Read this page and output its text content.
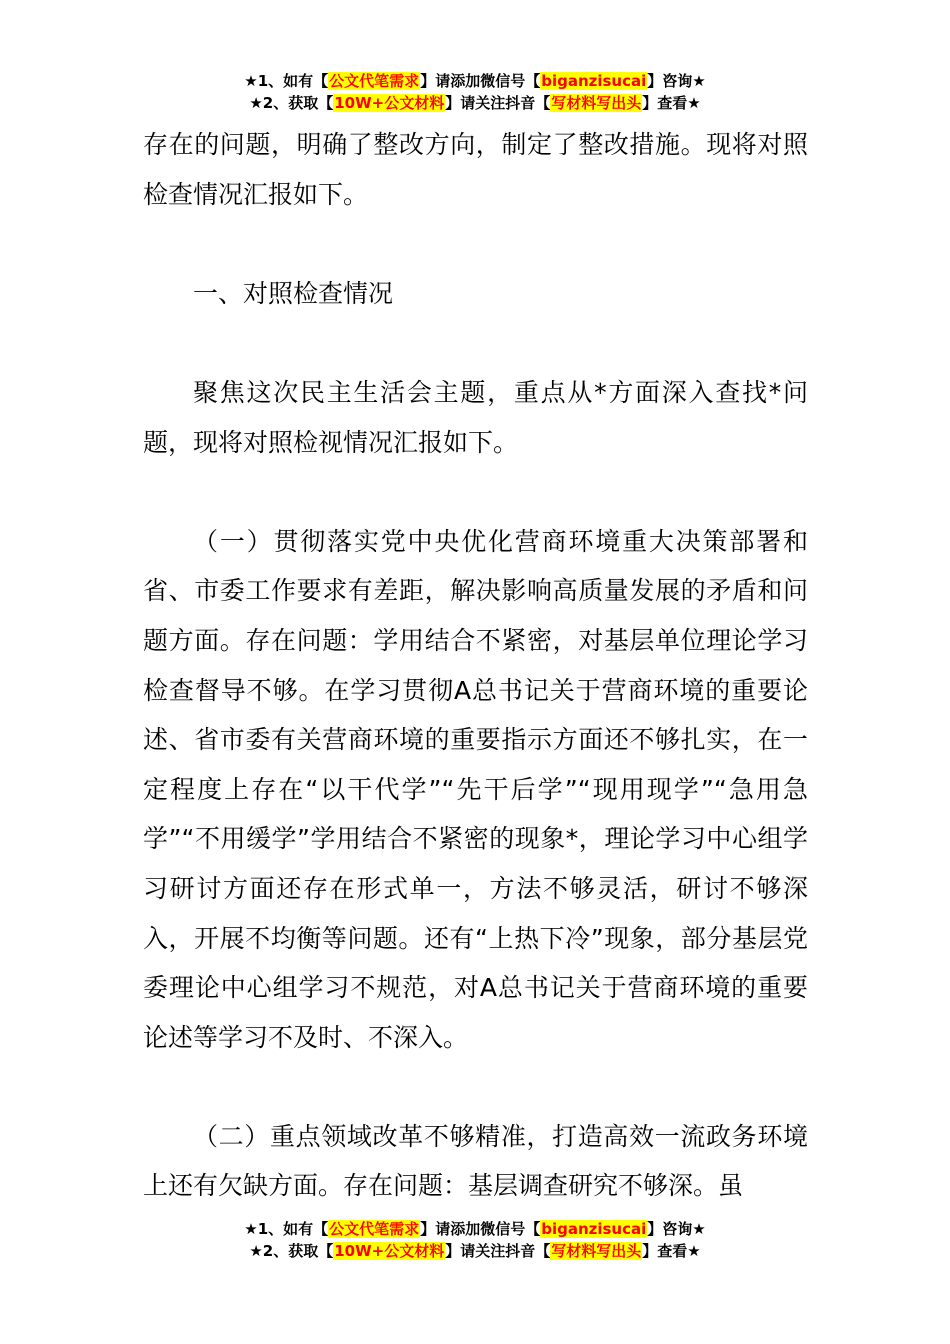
★1、如有【公文代笔需求】请添加微信号【biganzisucai】咨询★
★2、获取【10W+公文材料】请关注抖音【写材料写出头】查看★

存在的问题，明确了整改方向，制定了整改措施。现将对照检查情况汇报如下。

一、对照检查情况

聚焦这次民主生活会主题，重点从*方面深入查找*问题，现将对照检视情况汇报如下。

（一）贯彻落实党中央优化营商环境重大决策部署和省、市委工作要求有差距，解决影响高质量发展的矛盾和问题方面。存在问题：学用结合不紧密，对基层单位理论学习检查督导不够。在学习贯彻A总书记关于营商环境的重要论述、省市委有关营商环境的重要指示方面还不够扎实，在一定程度上存在“以干代学”“先干后学”“现用现学”“急用急学”“不用缓学”学用结合不紧密的现象*，理论学习中心组学习研讨方面还存在形式单一，方法不够灵活，研讨不够深入，开展不均衡等问题。还有“上热下冷”现象，部分基层党委理论中心组学习不规范，对A总书记关于营商环境的重要论述等学习不及时、不深入。

（二）重点领域改革不够精准，打造高效一流政务环境上还有欠缺方面。存在问题：基层调查研究不够深。虽

★1、如有【公文代笔需求】请添加微信号【biganzisucai】咨询★
★2、获取【10W+公文材料】请关注抖音【写材料写出头】查看★
